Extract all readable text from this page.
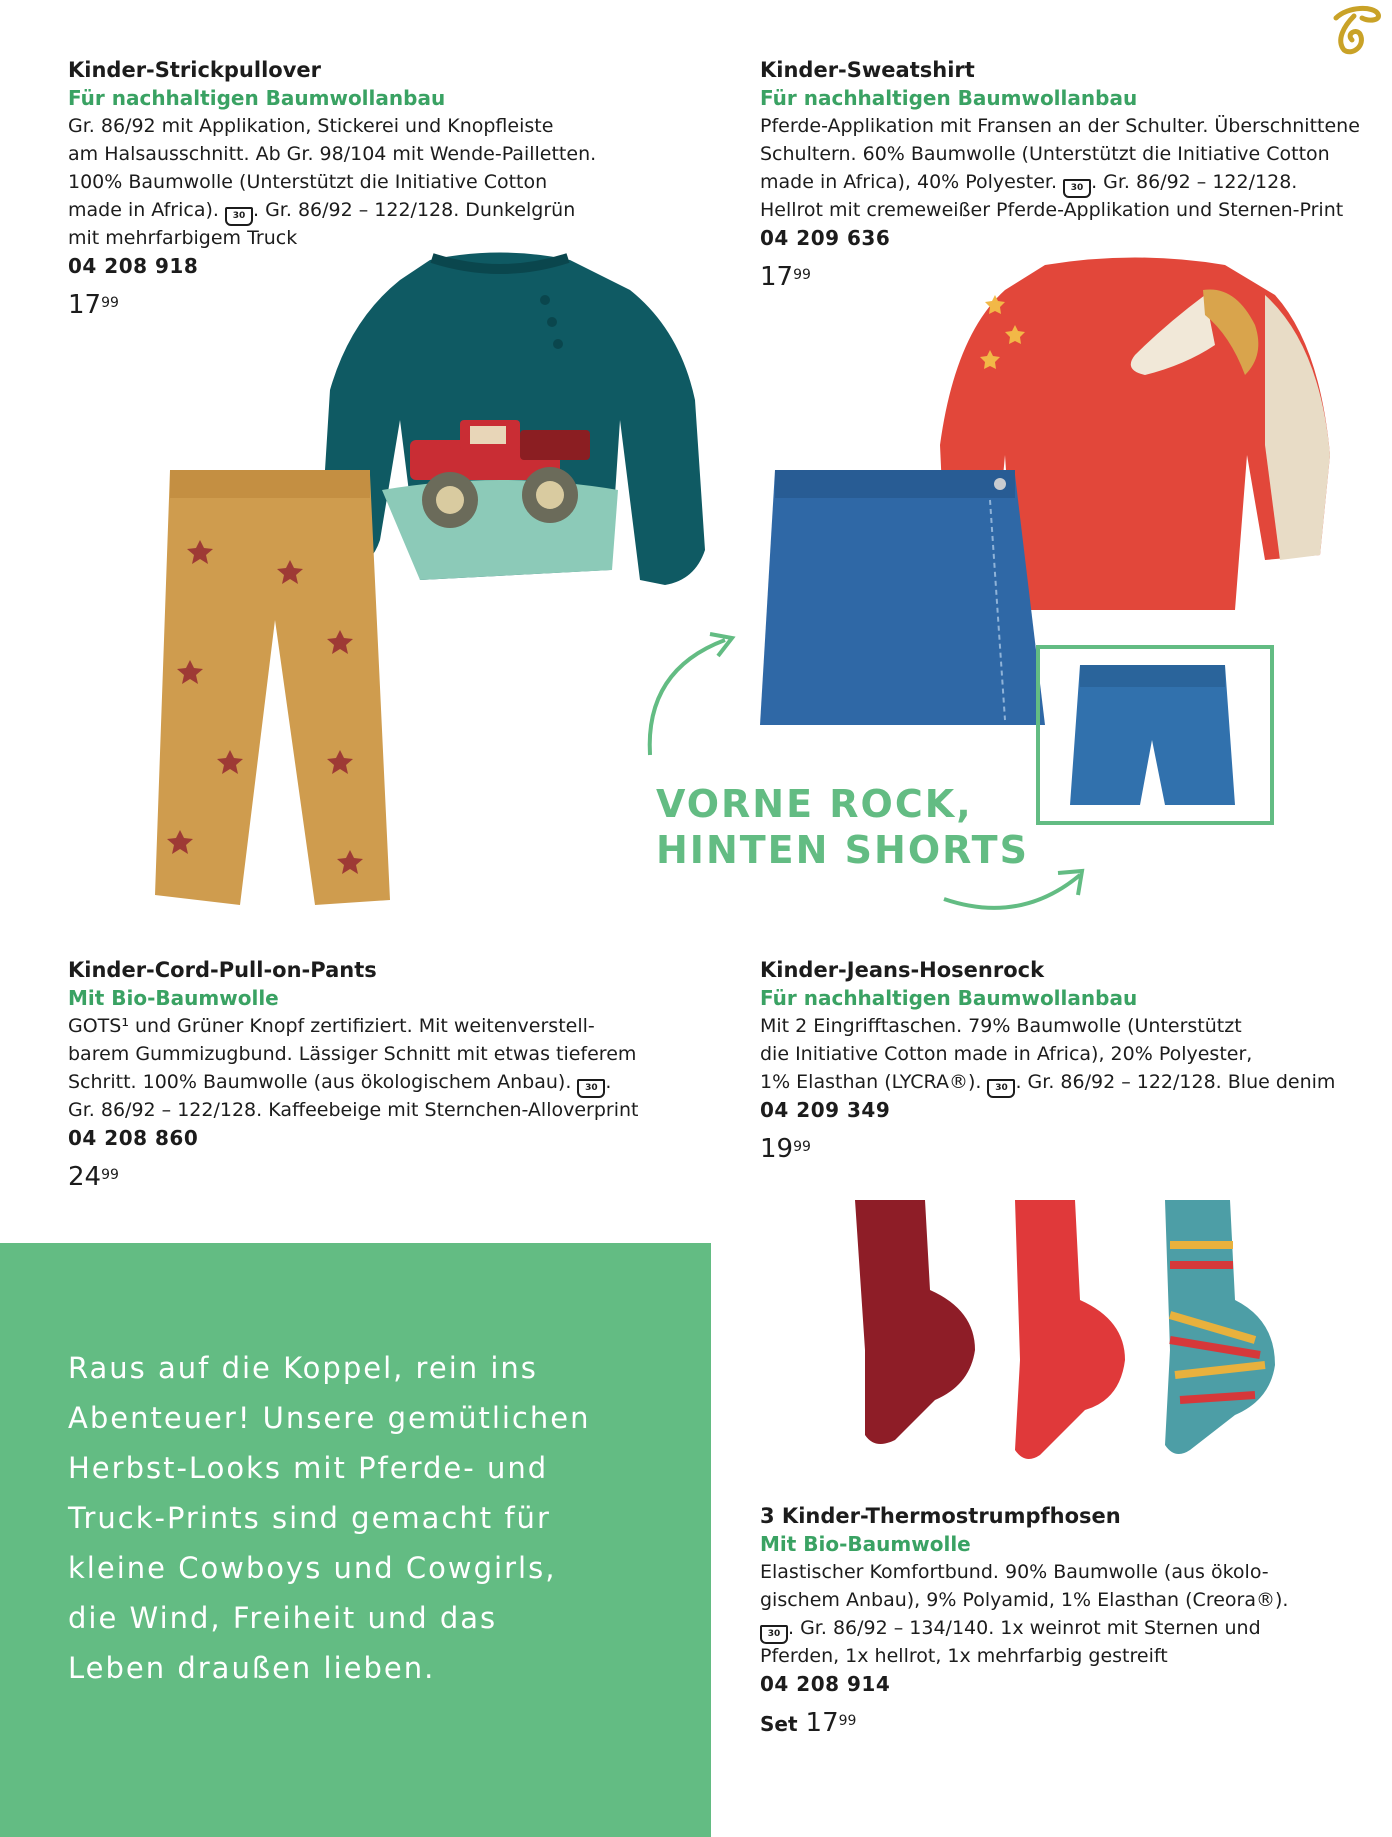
Kinder-Strickpullover

Für nachhaltigen Baumwollanbau

Gr. 86/92 mit Applikation, Stickerei und Knopfleiste
am Halsausschnitt. Ab Gr. 98/104 mit Wende-Pailletten.
100% Baumwolle (Unterstützt die Initiative Cotton
made in Africa). 30 . Gr. 86/92 – 122/128. Dunkelgrün
mit mehrfarbigem Truck

04 208 918

$17^{99}$

Kinder-Sweatshirt

Für nachhaltigen Baumwollanbau

Pferde-Applikation mit Fransen an der Schulter. Überschnittene
Schultern. 60% Baumwolle (Unterstützt die Initiative Cotton
made in Africa), 40% Polyester. 30 . Gr. 86/92 – 122/128.
Hellrot mit cremeweißer Pferde-Applikation und Sternen-Print

04 209 636

$17^{99}$
VORNE ROCK,
HINTEN SHORTS

Kinder-Cord-Pull-on-Pants

Mit Bio-Baumwolle

GOTS¹ und Grüner Knopf zertifiziert. Mit weitenverstell-
barem Gummizugbund. Lässiger Schnitt mit etwas tieferem
Schritt. 100% Baumwolle (aus ökologischem Anbau). 30 .
Gr. 86/92 – 122/128. Kaffeebeige mit Sternchen-Alloverprint

04 208 860

$24^{99}$

Kinder-Jeans-Hosenrock

Für nachhaltigen Baumwollanbau

Mit 2 Eingrifftaschen. 79% Baumwolle (Unterstützt
die Initiative Cotton made in Africa), 20% Polyester,
1% Elasthan (LYCRA®). 30 . Gr. 86/92 – 122/128. Blue denim

04 209 349

$19^{99}$

3 Kinder-Thermostrumpfhosen

Mit Bio-Baumwolle

Elastischer Komfortbund. 90% Baumwolle (aus ökolo-
gischem Anbau), 9% Polyamid, 1% Elasthan (Creora®).
30 . Gr. 86/92 – 134/140. 1x weinrot mit Sternen und
Pferden, 1x hellrot, 1x mehrfarbig gestreift

04 208 914

Set $17^{99}$
Raus auf die Koppel, rein ins
Abenteuer! Unsere gemütlichen
Herbst-Looks mit Pferde- und
Truck-Prints sind gemacht für
kleine Cowboys und Cowgirls,
die Wind, Freiheit und das
Leben draußen lieben.
